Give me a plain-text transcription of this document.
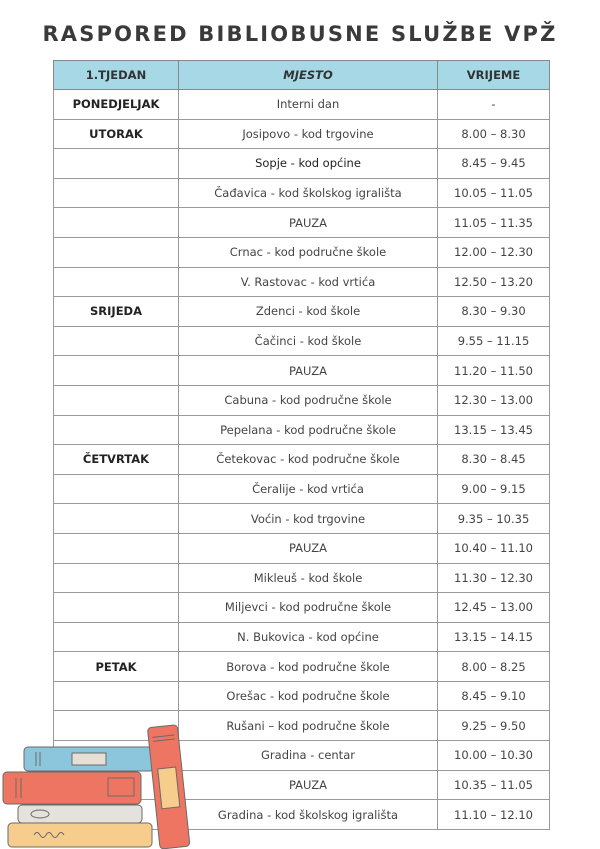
RASPORED BIBLIOBUSNE SLUŽBE VPŽ
1.TJEDAN	MJESTO	VRIJEME
PONEDJELJAK	Interni dan	-
UTORAK	Josipovo - kod trgovine	8.00 – 8.30
	Sopje - kod općine	8.45 – 9.45
	Čađavica - kod školskog igrališta	10.05 – 11.05
	PAUZA	11.05 – 11.35
	Crnac - kod područne škole	12.00 – 12.30
	V. Rastovac - kod vrtića	12.50 – 13.20
SRIJEDA	Zdenci - kod škole	8.30 – 9.30
	Čačinci - kod škole	9.55 – 11.15
	PAUZA	11.20 – 11.50
	Cabuna - kod područne škole	12.30 – 13.00
	Pepelana - kod područne škole	13.15 – 13.45
ČETVRTAK	Četekovac - kod područne škole	8.30 – 8.45
	Čeralije - kod vrtića	9.00 – 9.15
	Voćin - kod trgovine	9.35 – 10.35
	PAUZA	10.40 – 11.10
	Mikleuš - kod škole	11.30 – 12.30
	Miljevci - kod područne škole	12.45 – 13.00
	N. Bukovica - kod općine	13.15 – 14.15
PETAK	Borova - kod područne škole	8.00 – 8.25
	Orešac - kod područne škole	8.45 – 9.10
	Rušani – kod područne škole	9.25 – 9.50
	Gradina - centar	10.00 – 10.30
	PAUZA	10.35 – 11.05
	Gradina - kod školskog igrališta	11.10 – 12.10
